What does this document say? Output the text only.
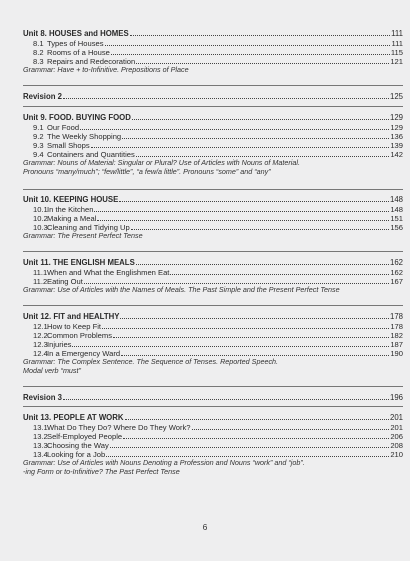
Unit 8. HOUSES and HOMES	111
8.1 Types of Houses	111
8.2 Rooms of a House	115
8.3 Repairs and Redecoration	121
Grammar: Have + to-Infinitive. Prepositions of Place
Revision 2	125
Unit 9. FOOD. BUYING FOOD	129
9.1 Our Food	129
9.2 The Weekly Shopping	136
9.3 Small Shops	139
9.4 Containers and Quantities	142
Grammar: Nouns of Material: Singular or Plural? Use of Articles with Nouns of Material.
Pronouns “many/much”; “few/little”, “a few/a little”. Pronouns “some” and “any”
Unit 10. KEEPING HOUSE	148
10.1 In the Kitchen	148
10.2 Making a Meal	151
10.3 Cleaning and Tidying Up	156
Grammar: The Present Perfect Tense
Unit 11. THE ENGLISH MEALS	162
11.1 When and What the Englishmen Eat	162
11.2 Eating Out	167
Grammar: Use of Articles with the Names of Meals. The Past Simple and the Present Perfect Tense
Unit 12. FIT and HEALTHY	178
12.1 How to Keep Fit	178
12.2 Common Problems	182
12.3 Injuries	187
12.4 In a Emergency Ward	190
Grammar: The Complex Sentence. The Sequence of Tenses. Reported Speech.
Modal verb “must”
Revision 3	196
Unit 13. PEOPLE AT WORK	201
13.1 What Do They Do? Where Do They Work?	201
13.2 Self-Employed People	206
13.3 Choosing the Way	208
13.4 Looking for a Job	210
Grammar: Use of Articles with Nouns Denoting a Profession and Nouns “work” and “job”.
-ing Form or to-Infinitive? The Past Perfect Tense
6
